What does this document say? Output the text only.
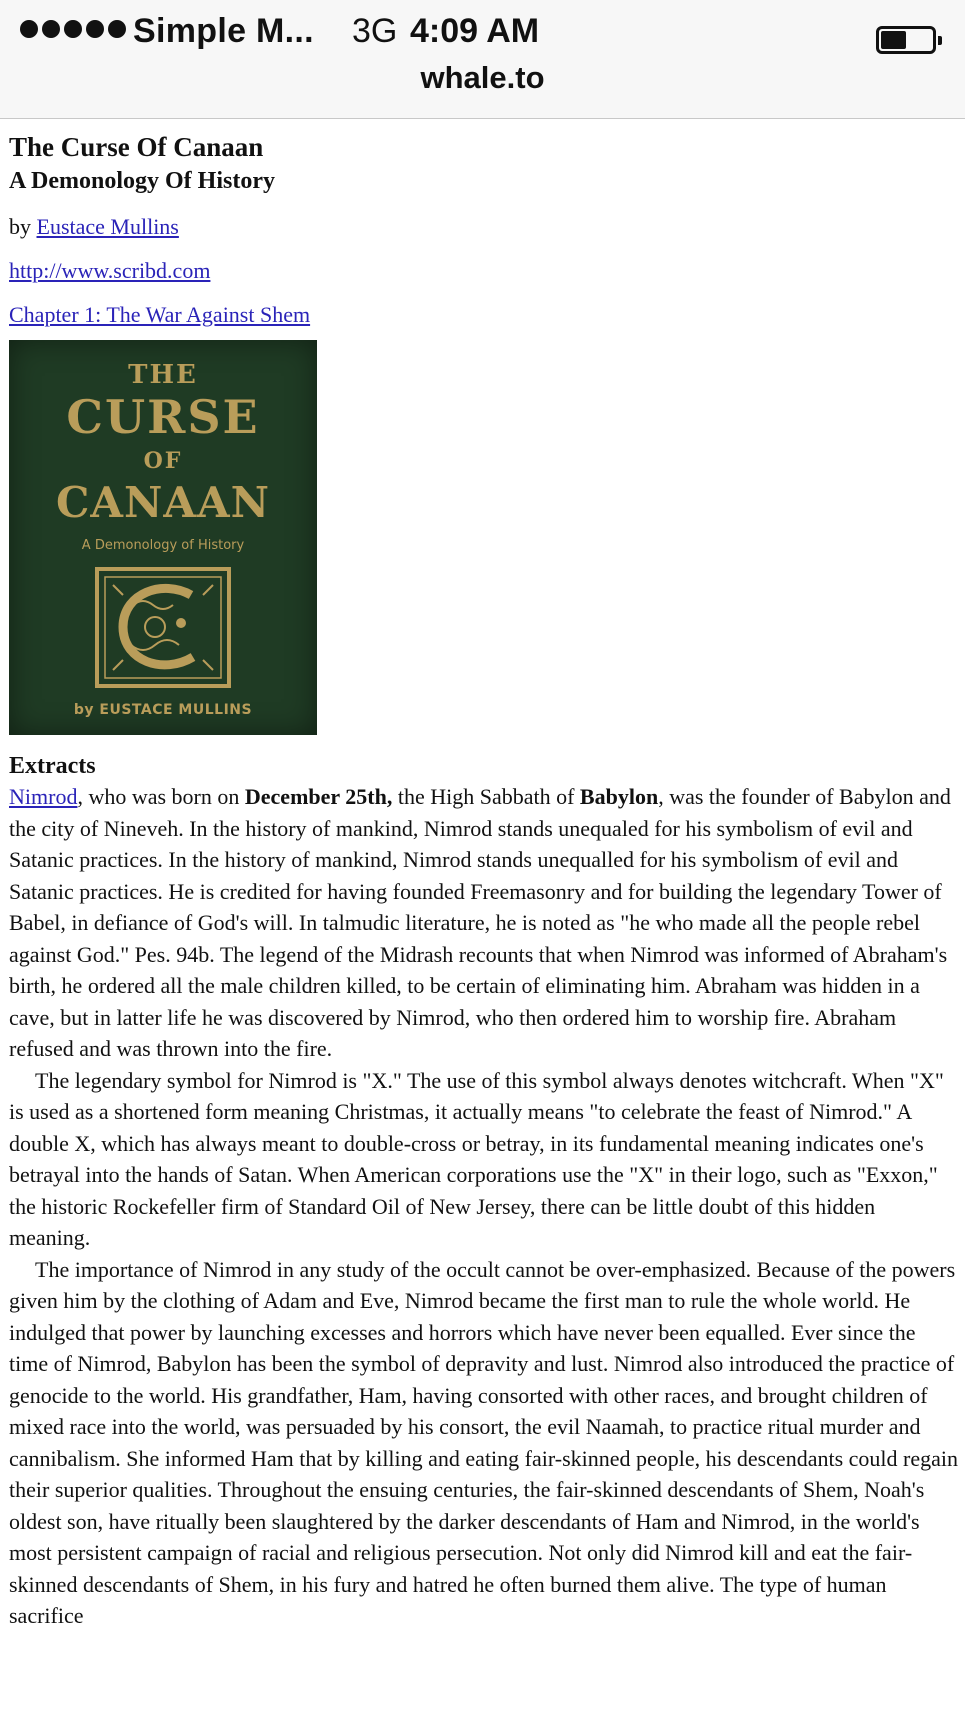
Simple M... 3G 4:09 AM
whale.to
The Curse Of Canaan
A Demonology Of History
by Eustace Mullins
http://www.scribd.com
Chapter 1: The War Against Shem
THE
CURSE
OF
CANAAN
A Demonology of History
by EUSTACE MULLINS
Extracts

Nimrod, who was born on December 25th, the High Sabbath of Babylon, was the founder of Babylon and the city of Nineveh. In the history of mankind, Nimrod stands unequaled for his symbolism of evil and Satanic practices. In the history of mankind, Nimrod stands unequalled for his symbolism of evil and Satanic practices. He is credited for having founded Freemasonry and for building the legendary Tower of Babel, in defiance of God's will. In talmudic literature, he is noted as "he who made all the people rebel against God." Pes. 94b. The legend of the Midrash recounts that when Nimrod was informed of Abraham's birth, he ordered all the male children killed, to be certain of eliminating him. Abraham was hidden in a cave, but in latter life he was discovered by Nimrod, who then ordered him to worship fire. Abraham refused and was thrown into the fire.

The legendary symbol for Nimrod is "X." The use of this symbol always denotes witchcraft. When "X" is used as a shortened form meaning Christmas, it actually means "to celebrate the feast of Nimrod." A double X, which has always meant to double-cross or betray, in its fundamental meaning indicates one's betrayal into the hands of Satan. When American corporations use the "X" in their logo, such as "Exxon," the historic Rockefeller firm of Standard Oil of New Jersey, there can be little doubt of this hidden meaning.

The importance of Nimrod in any study of the occult cannot be over-emphasized. Because of the powers given him by the clothing of Adam and Eve, Nimrod became the first man to rule the whole world. He indulged that power by launching excesses and horrors which have never been equalled. Ever since the time of Nimrod, Babylon has been the symbol of depravity and lust. Nimrod also introduced the practice of genocide to the world. His grandfather, Ham, having consorted with other races, and brought children of mixed race into the world, was persuaded by his consort, the evil Naamah, to practice ritual murder and cannibalism. She informed Ham that by killing and eating fair-skinned people, his descendants could regain their superior qualities. Throughout the ensuing centuries, the fair-skinned descendants of Shem, Noah's oldest son, have ritually been slaughtered by the darker descendants of Ham and Nimrod, in the world's most persistent campaign of racial and religious persecution. Not only did Nimrod kill and eat the fair-skinned descendants of Shem, in his fury and hatred he often burned them alive. The type of human sacrifice
